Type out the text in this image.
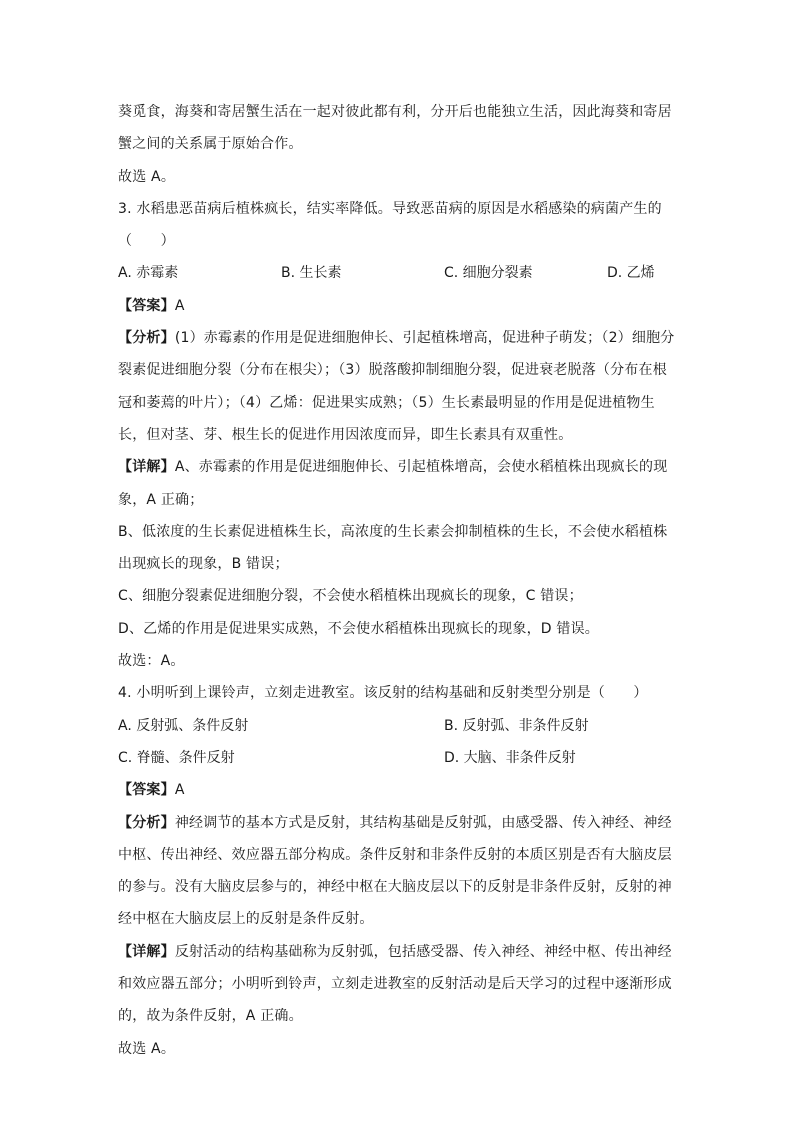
葵觅食，海葵和寄居蟹生活在一起对彼此都有利，分开后也能独立生活，因此海葵和寄居
蟹之间的关系属于原始合作。
故选 A。
3. 水稻患恶苗病后植株疯长，结实率降低。导致恶苗病的原因是水稻感染的病菌产生的
（　　）
A. 赤霉素	B. 生长素	C. 细胞分裂素	D. 乙烯
【答案】A
【分析】(1）赤霉素的作用是促进细胞伸长、引起植株增高，促进种子萌发；（2）细胞分
裂素促进细胞分裂（分布在根尖）；（3）脱落酸抑制细胞分裂，促进衰老脱落（分布在根
冠和萎蔫的叶片）；（4）乙烯：促进果实成熟；（5）生长素最明显的作用是促进植物生
长，但对茎、芽、根生长的促进作用因浓度而异，即生长素具有双重性。
【详解】A、赤霉素的作用是促进细胞伸长、引起植株增高，会使水稻植株出现疯长的现
象，A 正确；
B、低浓度的生长素促进植株生长，高浓度的生长素会抑制植株的生长，不会使水稻植株
出现疯长的现象，B 错误；
C、细胞分裂素促进细胞分裂，不会使水稻植株出现疯长的现象，C 错误；
D、乙烯的作用是促进果实成熟，不会使水稻植株出现疯长的现象，D 错误。
故选：A。
4. 小明听到上课铃声，立刻走进教室。该反射的结构基础和反射类型分别是（　　）
A. 反射弧、条件反射	B. 反射弧、非条件反射
C. 脊髓、条件反射	D. 大脑、非条件反射
【答案】A
【分析】神经调节的基本方式是反射，其结构基础是反射弧，由感受器、传入神经、神经
中枢、传出神经、效应器五部分构成。条件反射和非条件反射的本质区别是否有大脑皮层
的参与。没有大脑皮层参与的，神经中枢在大脑皮层以下的反射是非条件反射，反射的神
经中枢在大脑皮层上的反射是条件反射。
【详解】反射活动的结构基础称为反射弧，包括感受器、传入神经、神经中枢、传出神经
和效应器五部分；小明听到铃声，立刻走进教室的反射活动是后天学习的过程中逐渐形成
的，故为条件反射，A 正确。
故选 A。
